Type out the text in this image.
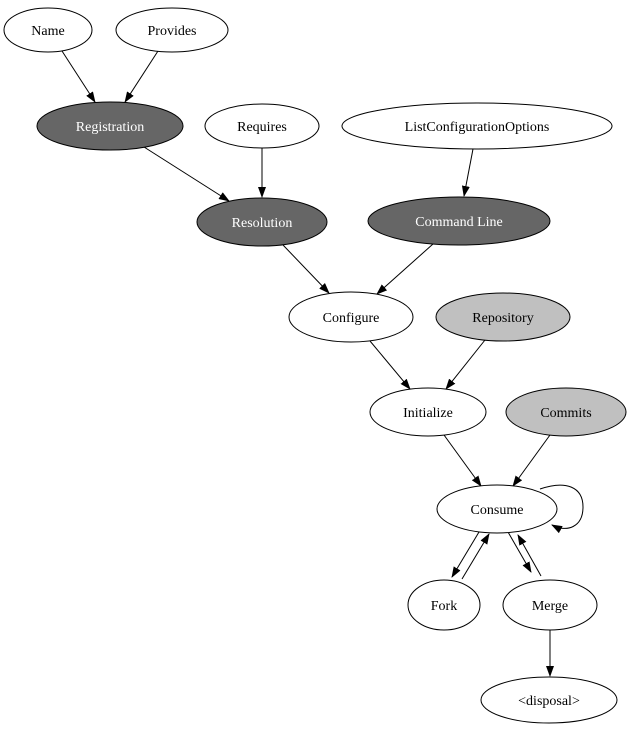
Name	Provides
Registration	Requires	ListConfigurationOptions
Resolution	Command Line
Configure	Repository
Initialize	Commits
Consume
Fork	Merge
<disposal>
